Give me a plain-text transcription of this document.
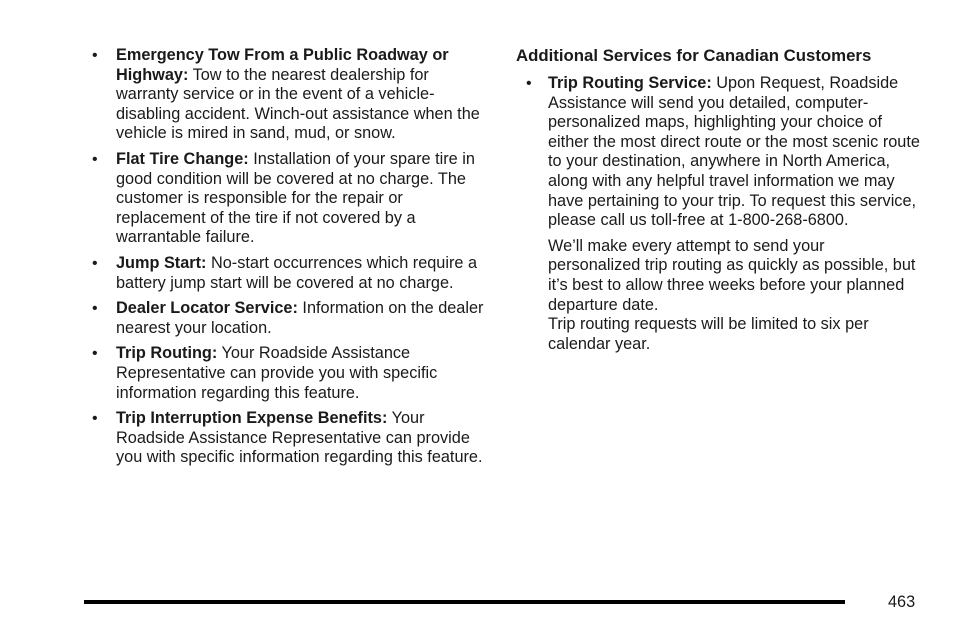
• Emergency Tow From a Public Roadway or Highway: Tow to the nearest dealership for warranty service or in the event of a vehicle-disabling accident. Winch-out assistance when the vehicle is mired in sand, mud, or snow.
• Flat Tire Change: Installation of your spare tire in good condition will be covered at no charge. The customer is responsible for the repair or replacement of the tire if not covered by a warrantable failure.
• Jump Start: No-start occurrences which require a battery jump start will be covered at no charge.
• Dealer Locator Service: Information on the dealer nearest your location.
• Trip Routing: Your Roadside Assistance Representative can provide you with specific information regarding this feature.
• Trip Interruption Expense Benefits: Your Roadside Assistance Representative can provide you with specific information regarding this feature.
Additional Services for Canadian Customers
• Trip Routing Service: Upon Request, Roadside Assistance will send you detailed, computer-personalized maps, highlighting your choice of either the most direct route or the most scenic route to your destination, anywhere in North America, along with any helpful travel information we may have pertaining to your trip. To request this service, please call us toll-free at 1-800-268-6800.

We’ll make every attempt to send your personalized trip routing as quickly as possible, but it’s best to allow three weeks before your planned departure date.

Trip routing requests will be limited to six per calendar year.

463
